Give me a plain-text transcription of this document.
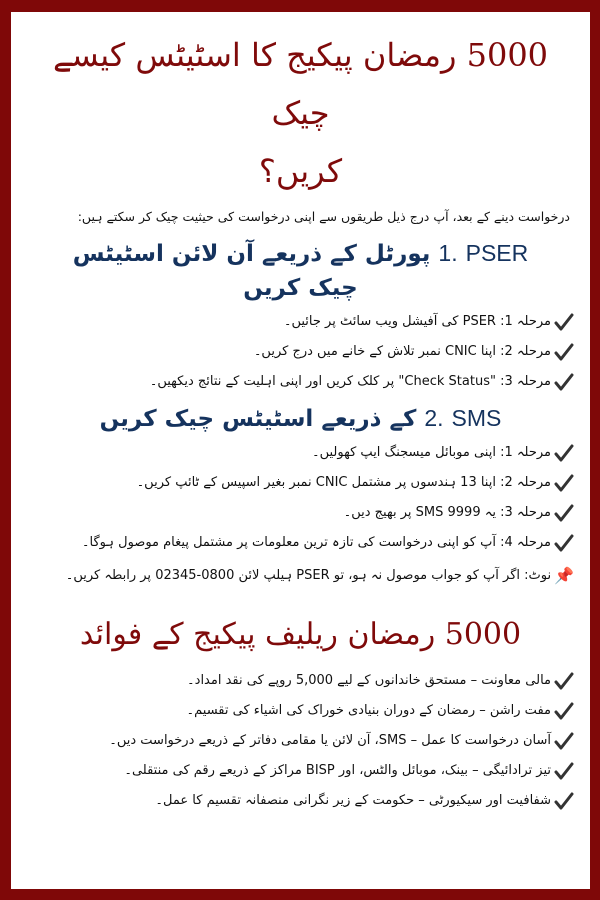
5000 رمضان پیکیج کا اسٹیٹس کیسے چیک
کریں؟
درخواست دینے کے بعد، آپ درج ذیل طریقوں سے اپنی درخواست کی حیثیت چیک کر سکتے ہیں:
1. PSER پورٹل کے ذریعے آن لائن اسٹیٹس
چیک کریں
مرحلہ 1: PSER کی آفیشل ویب سائٹ پر جائیں۔
مرحلہ 2: اپنا CNIC نمبر تلاش کے خانے میں درج کریں۔
مرحلہ 3: "Check Status" پر کلک کریں اور اپنی اہلیت کے نتائج دیکھیں۔
2. SMS کے ذریعے اسٹیٹس چیک کریں
مرحلہ 1: اپنی موبائل میسجنگ ایپ کھولیں۔
مرحلہ 2: اپنا 13 ہندسوں پر مشتمل CNIC نمبر بغیر اسپیس کے ٹائپ کریں۔
مرحلہ 3: یہ SMS 9999 پر بھیج دیں۔
مرحلہ 4: آپ کو اپنی درخواست کی تازہ ترین معلومات پر مشتمل پیغام موصول ہوگا۔
📌
نوٹ: اگر آپ کو جواب موصول نہ ہو، تو PSER ہیلپ لائن 0800-02345 پر رابطہ کریں۔
5000 رمضان ریلیف پیکیج کے فوائد
مالی معاونت – مستحق خاندانوں کے لیے 5,000 روپے کی نقد امداد۔
مفت راشن – رمضان کے دوران بنیادی خوراک کی اشیاء کی تقسیم۔
آسان درخواست کا عمل – SMS، آن لائن یا مقامی دفاتر کے ذریعے درخواست دیں۔
تیز ترادائیگی – بینک، موبائل والٹس، اور BISP مراکز کے ذریعے رقم کی منتقلی۔
شفافیت اور سیکیورٹی – حکومت کے زیر نگرانی منصفانہ تقسیم کا عمل۔
